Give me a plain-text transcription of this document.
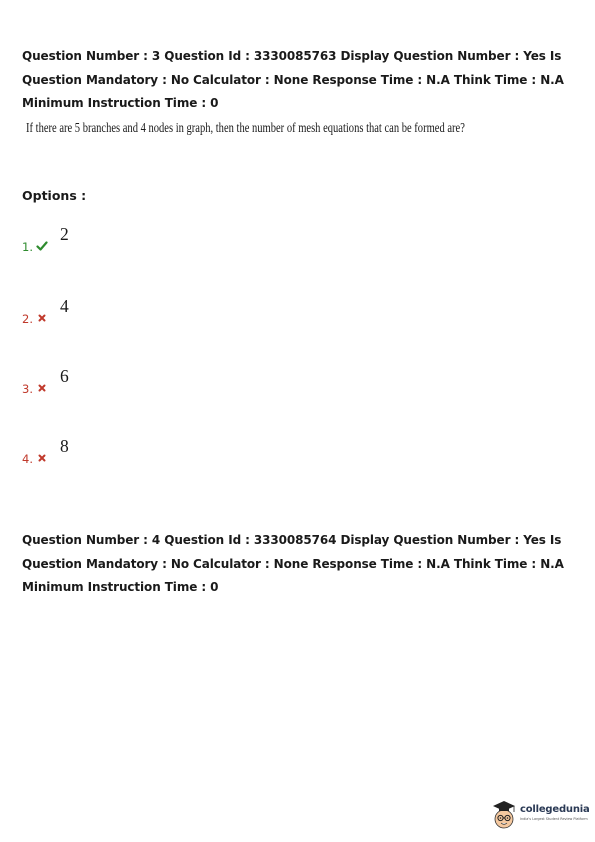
Question Number : 3 Question Id : 3330085763 Display Question Number : Yes Is Question Mandatory : No Calculator : None Response Time : N.A Think Time : N.A Minimum Instruction Time : 0
If there are 5 branches and 4 nodes in graph, then the number of mesh equations that can be formed are?
Options :
1.
2
2.
4
3.
6
4.
8
Question Number : 4 Question Id : 3330085764 Display Question Number : Yes Is Question Mandatory : No Calculator : None Response Time : N.A Think Time : N.A Minimum Instruction Time : 0
collegedunia
India's Largest Student Review Platform
